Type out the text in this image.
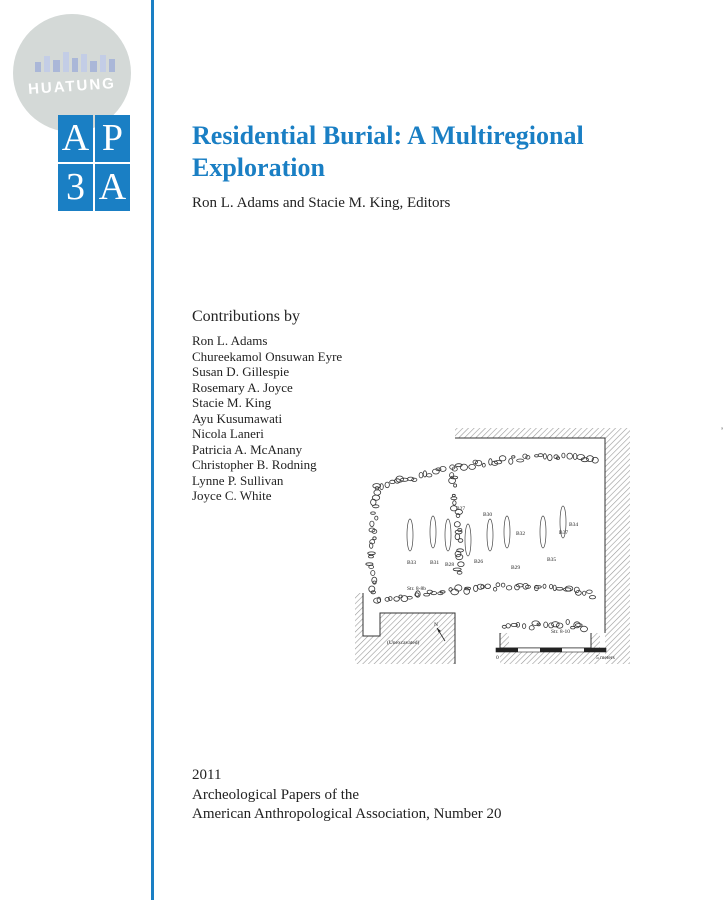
HUATUNG
A P
3 A
Residential Burial: A Multiregional Exploration
Ron L. Adams and Stacie M. King, Editors
Contributions by
Ron L. Adams
Chureekamol Onsuwan Eyre
Susan D. Gillespie
Rosemary A. Joyce
Stacie M. King
Ayu Kusumawati
Nicola Laneri
Patricia A. McAnany
Christopher B. Rodning
Lynne P. Sullivan
Joyce C. White
B27
B30
B32
B34
B37
B33	B31 B28	B26
B29
B35
Str. 8-8b
Str. 8-10
(Unexcavated)
N
0	5 meters
2011
Archeological Papers of the
American Anthropological Association, Number 20
’
